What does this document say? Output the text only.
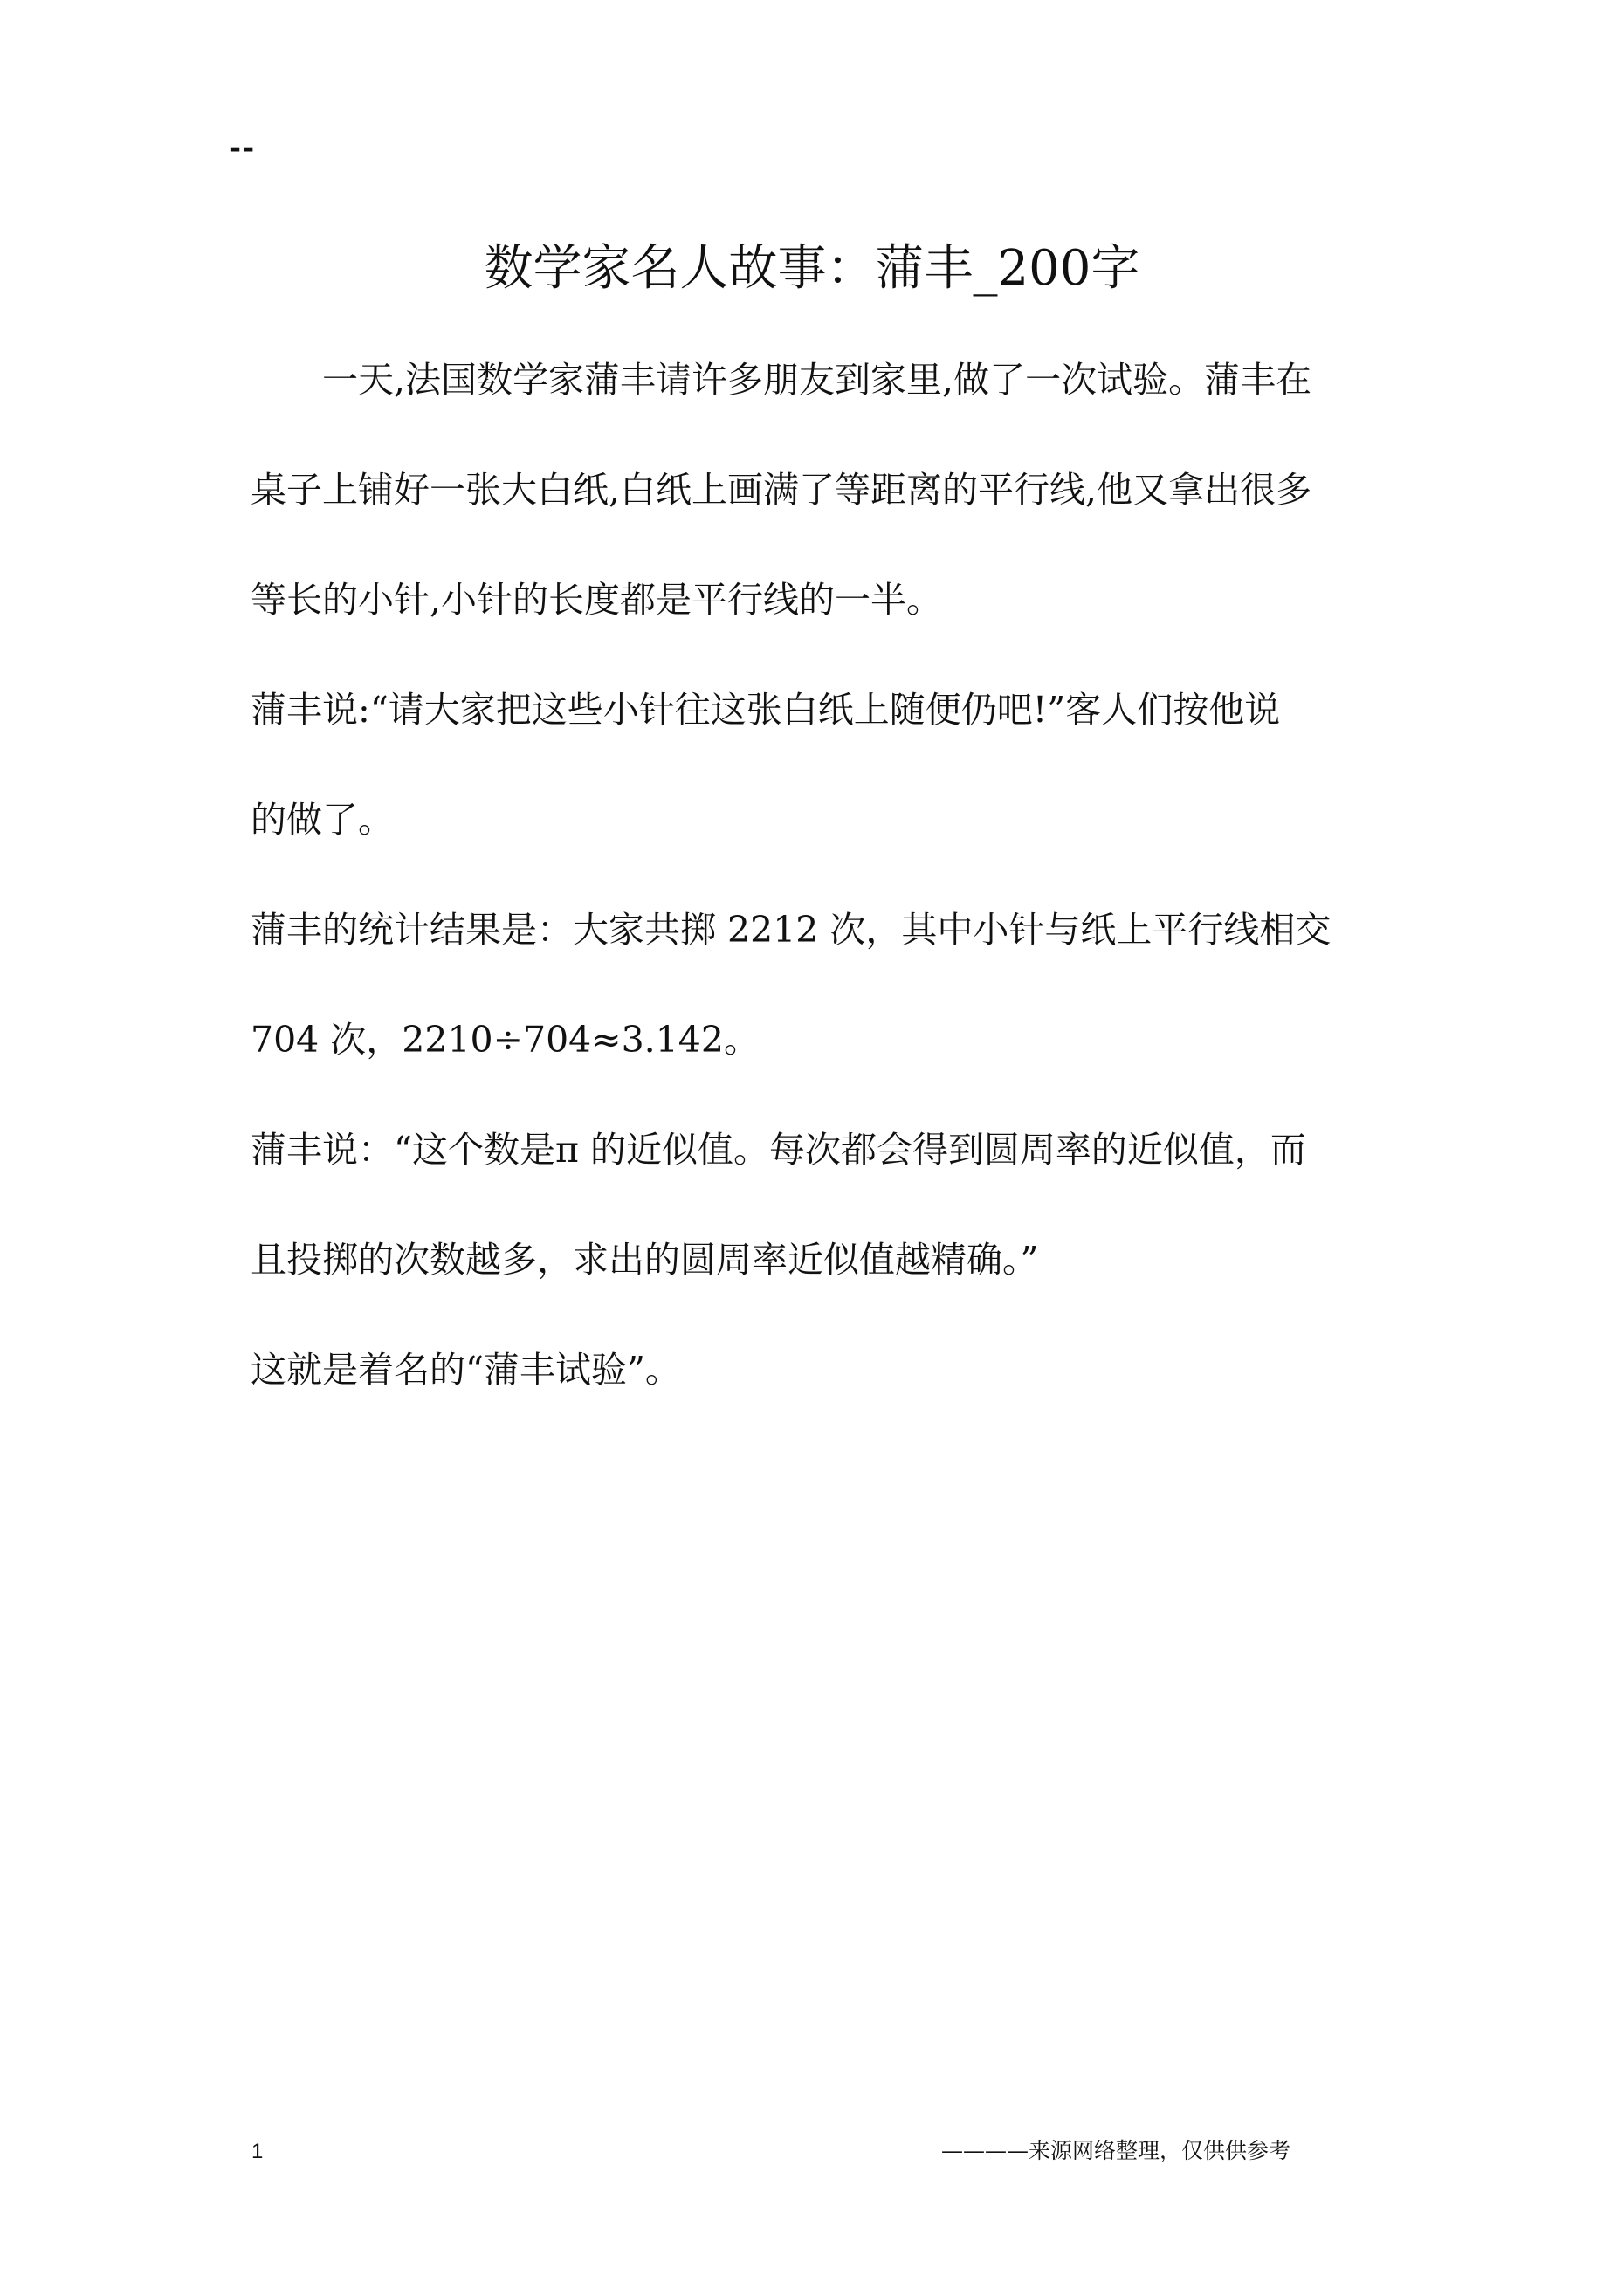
--
数学家名人故事：蒲丰_200字

一天,法国数学家蒲丰请许多朋友到家里,做了一次试验。蒲丰在

桌子上铺好一张大白纸,白纸上画满了等距离的平行线,他又拿出很多

等长的小针,小针的长度都是平行线的一半。

蒲丰说:“请大家把这些小针往这张白纸上随便仍吧!”客人们按他说

的做了。

蒲丰的统计结果是：大家共掷 2212 次，其中小针与纸上平行线相交

704 次，2210÷704≈3.142。

蒲丰说：“这个数是π 的近似值。每次都会得到圆周率的近似值，而

且投掷的次数越多，求出的圆周率近似值越精确。”

这就是着名的“蒲丰试验”。

1	————来源网络整理，仅供供参考
